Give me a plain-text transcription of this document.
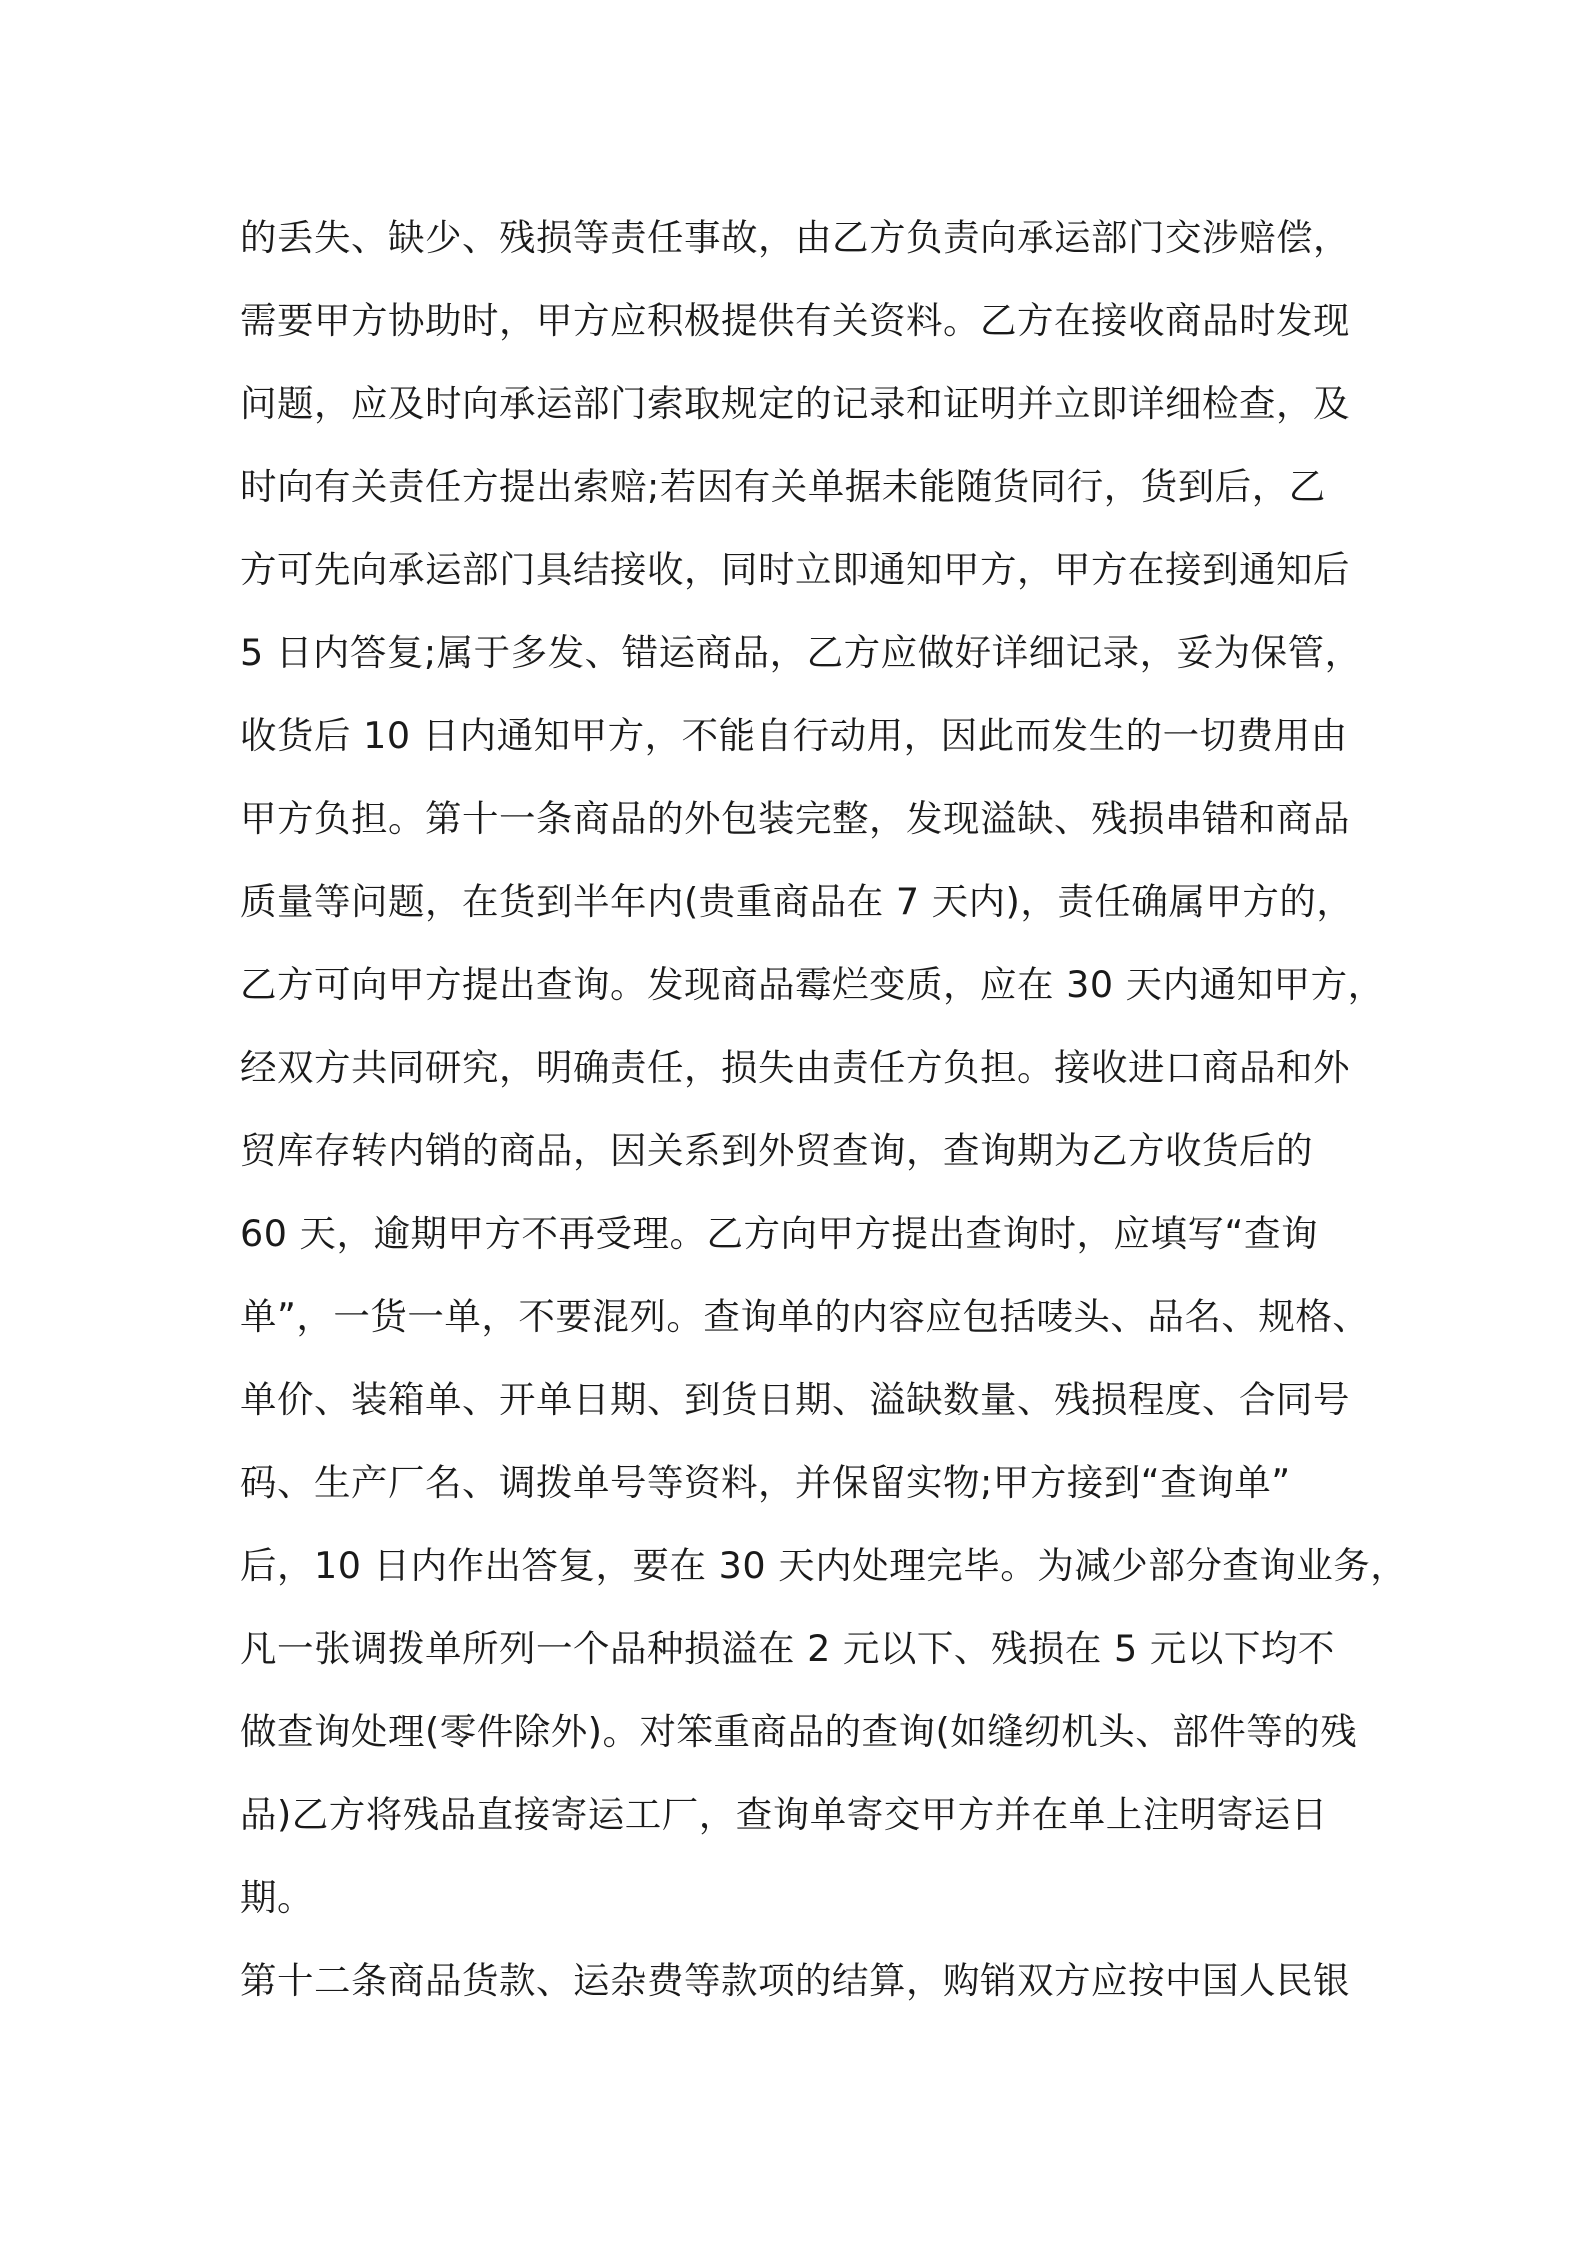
的丢失、缺少、残损等责任事故，由乙方负责向承运部门交涉赔偿，
需要甲方协助时，甲方应积极提供有关资料。乙方在接收商品时发现
问题，应及时向承运部门索取规定的记录和证明并立即详细检查，及
时向有关责任方提出索赔;若因有关单据未能随货同行，货到后，乙
方可先向承运部门具结接收，同时立即通知甲方，甲方在接到通知后
5 日内答复;属于多发、错运商品，乙方应做好详细记录，妥为保管，
收货后 10 日内通知甲方，不能自行动用，因此而发生的一切费用由
甲方负担。第十一条商品的外包装完整，发现溢缺、残损串错和商品
质量等问题，在货到半年内(贵重商品在 7 天内)，责任确属甲方的，
乙方可向甲方提出查询。发现商品霉烂变质，应在 30 天内通知甲方，
经双方共同研究，明确责任，损失由责任方负担。接收进口商品和外
贸库存转内销的商品，因关系到外贸查询，查询期为乙方收货后的
60 天，逾期甲方不再受理。乙方向甲方提出查询时，应填写“查询
单”，一货一单，不要混列。查询单的内容应包括唛头、品名、规格、
单价、装箱单、开单日期、到货日期、溢缺数量、残损程度、合同号
码、生产厂名、调拨单号等资料，并保留实物;甲方接到“查询单”
后，10 日内作出答复，要在 30 天内处理完毕。为减少部分查询业务，
凡一张调拨单所列一个品种损溢在 2 元以下、残损在 5 元以下均不
做查询处理(零件除外)。对笨重商品的查询(如缝纫机头、部件等的残
品)乙方将残品直接寄运工厂，查询单寄交甲方并在单上注明寄运日
期。
第十二条商品货款、运杂费等款项的结算，购销双方应按中国人民银
